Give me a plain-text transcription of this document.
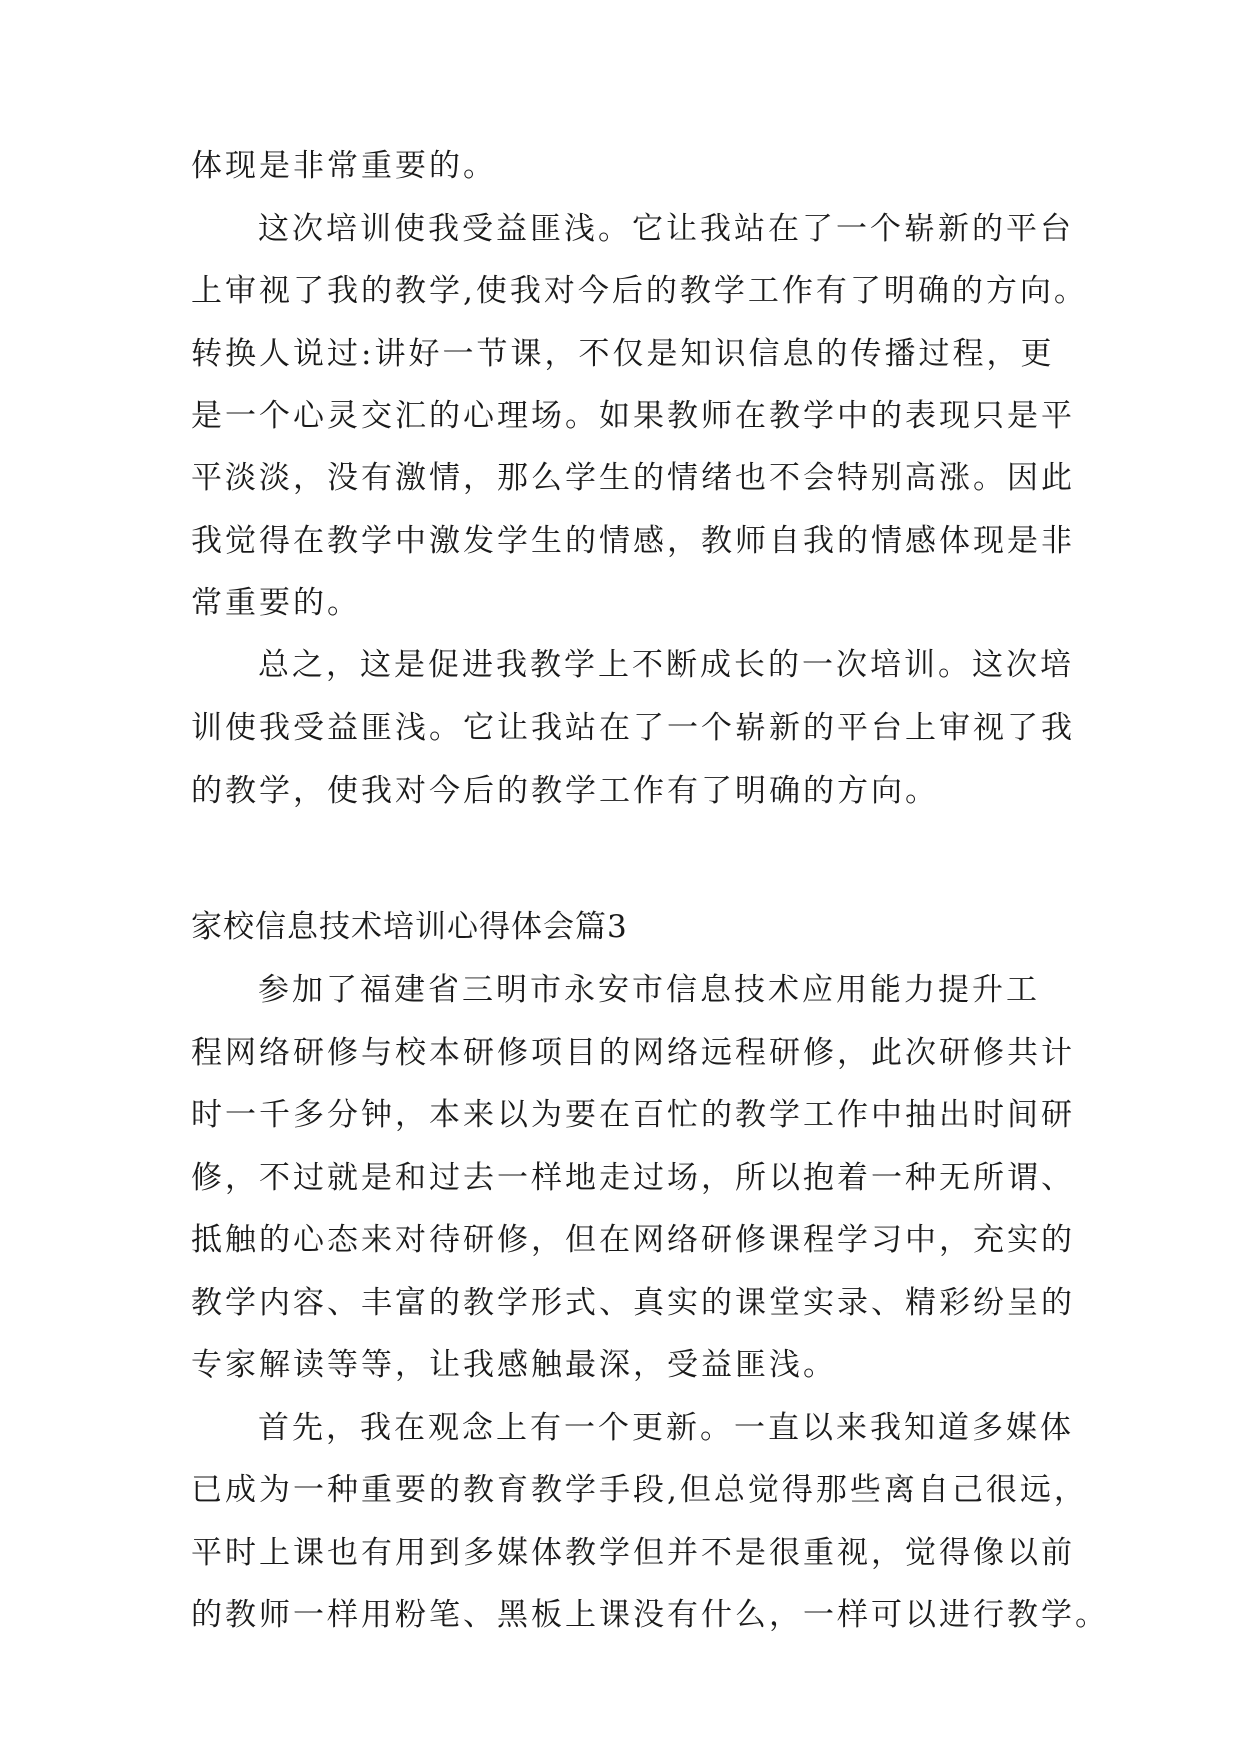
体现是非常重要的。
这次培训使我受益匪浅。它让我站在了一个崭新的平台
上审视了我的教学,使我对今后的教学工作有了明确的方向。
转换人说过:讲好一节课，不仅是知识信息的传播过程，更
是一个心灵交汇的心理场。如果教师在教学中的表现只是平
平淡淡，没有激情，那么学生的情绪也不会特别高涨。因此
我觉得在教学中激发学生的情感，教师自我的情感体现是非
常重要的。
总之，这是促进我教学上不断成长的一次培训。这次培
训使我受益匪浅。它让我站在了一个崭新的平台上审视了我
的教学，使我对今后的教学工作有了明确的方向。
家校信息技术培训心得体会篇3
参加了福建省三明市永安市信息技术应用能力提升工
程网络研修与校本研修项目的网络远程研修，此次研修共计
时一千多分钟，本来以为要在百忙的教学工作中抽出时间研
修，不过就是和过去一样地走过场，所以抱着一种无所谓、
抵触的心态来对待研修，但在网络研修课程学习中，充实的
教学内容、丰富的教学形式、真实的课堂实录、精彩纷呈的
专家解读等等，让我感触最深，受益匪浅。
首先，我在观念上有一个更新。一直以来我知道多媒体
已成为一种重要的教育教学手段,但总觉得那些离自己很远，
平时上课也有用到多媒体教学但并不是很重视，觉得像以前
的教师一样用粉笔、黑板上课没有什么，一样可以进行教学。
